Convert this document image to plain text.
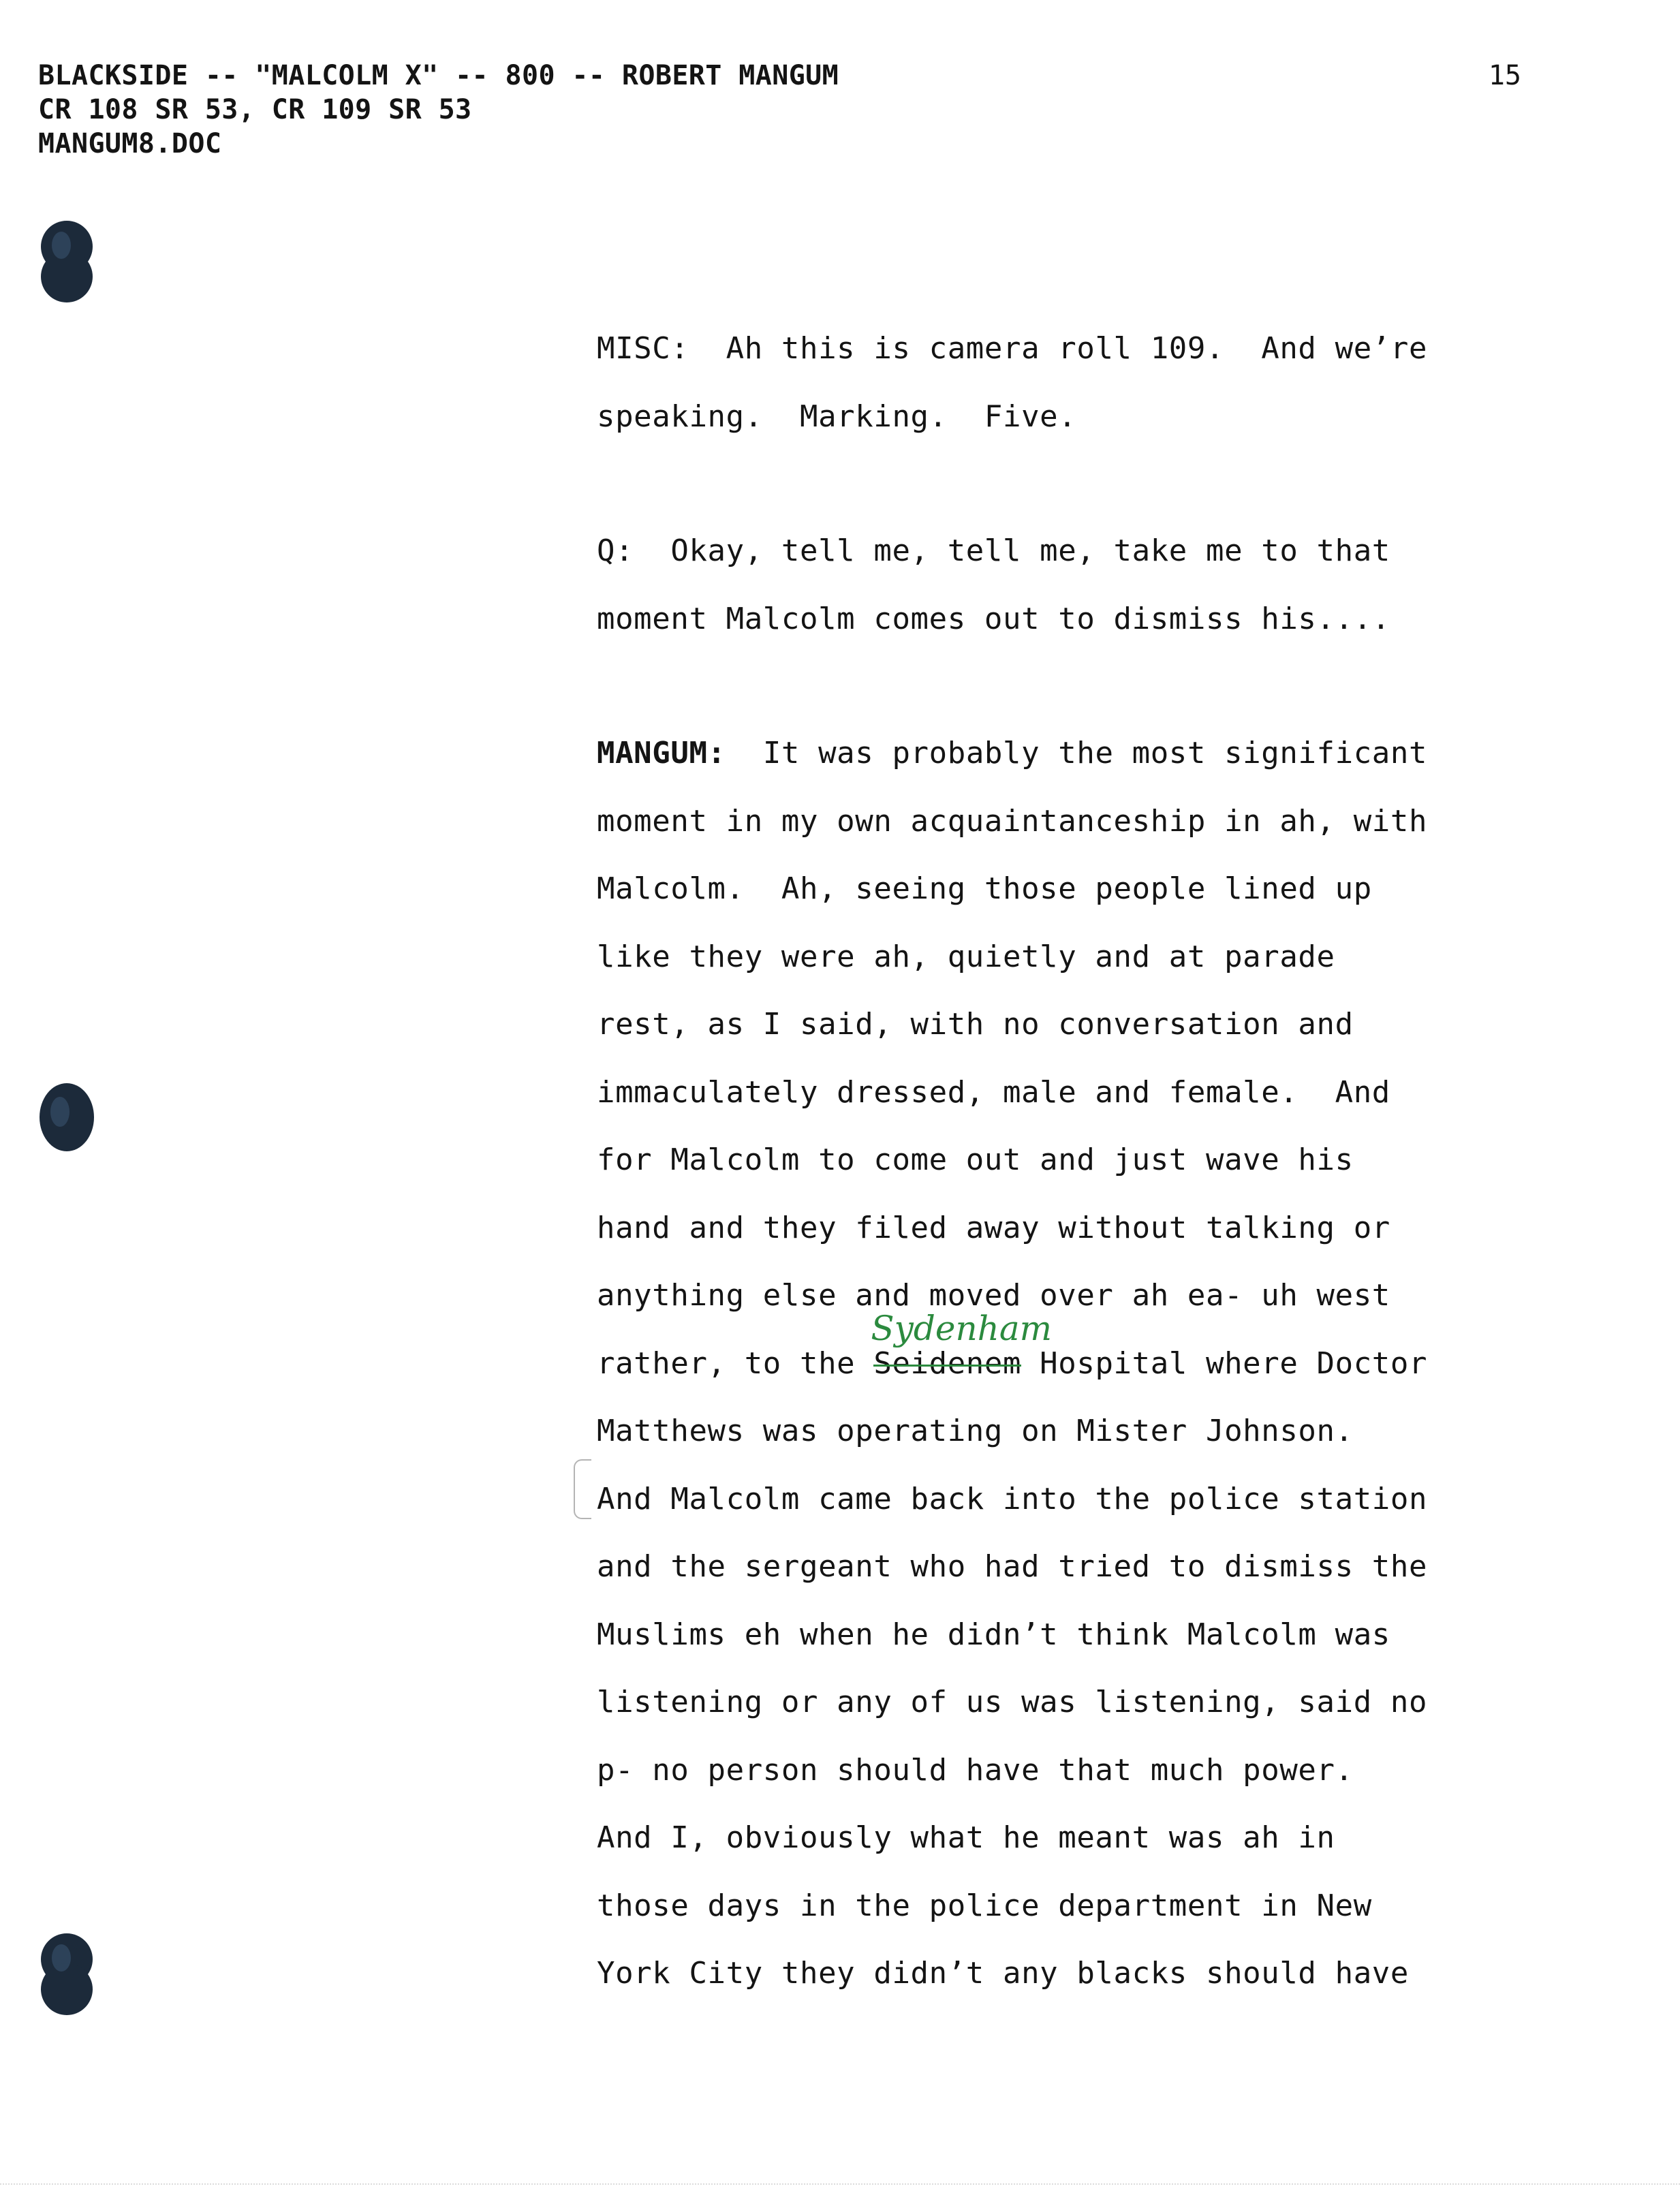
BLACKSIDE -- "MALCOLM X" -- 800 -- ROBERT MANGUM
CR 108 SR 53, CR 109 SR 53
MANGUM8.DOC
15
MISC:  Ah this is camera roll 109.  And we’re
speaking.  Marking.  Five.
Q:  Okay, tell me, tell me, take me to that
moment Malcolm comes out to dismiss his....
MANGUM:  It was probably the most significant
moment in my own acquaintanceship in ah, with
Malcolm.  Ah, seeing those people lined up
like they were ah, quietly and at parade
rest, as I said, with no conversation and
immaculately dressed, male and female.  And
for Malcolm to come out and just wave his
hand and they filed away without talking or
anything else and moved over ah ea- uh west
rather, to the Seidenem
Sydenham
Hospital where Doctor
Matthews was operating on Mister Johnson.
And Malcolm came back into the police station
and the sergeant who had tried to dismiss the
Muslims eh when he didn’t think Malcolm was
listening or any of us was listening, said no
p- no person should have that much power.
And I, obviously what he meant was ah in
those days in the police department in New
York City they didn’t any blacks should have
